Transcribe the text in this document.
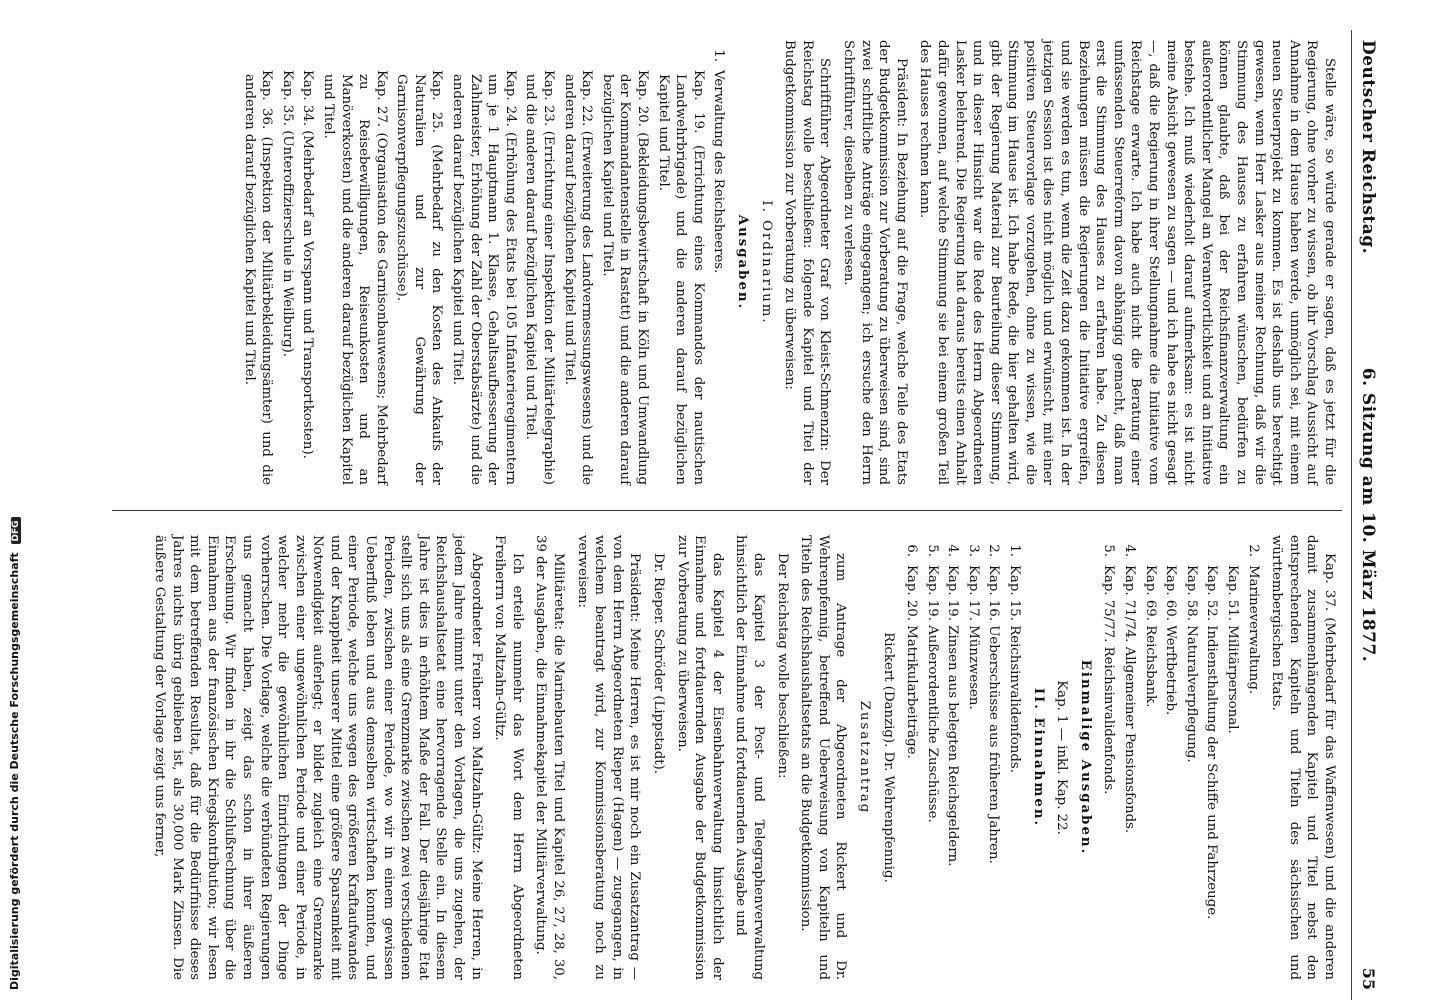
Deutscher Reichstag.
6. Sitzung am 10. März 1877.
55

Stelle wäre, so würde gerade er sagen, daß es jetzt für die Regierung, ohne vorher zu wissen, ob ihr Vorschlag Aussicht auf Annahme in dem Hause haben werde, unmöglich sei, mit einem neuen Steuerprojekt zu kommen. Es ist deshalb uns berechtigt gewesen, wenn Herr Lasker aus meiner Rechnung, daß wir die Stimmung des Hauses zu erfahren wünschen, bedürfen zu können glaubte, daß bei der Reichsfinanzverwaltung ein außerordentlicher Mangel an Verantwortlichkeit und an Initiative bestehe. Ich muß wiederholt darauf aufmerksam: es ist nicht meine Absicht gewesen zu sagen — und ich habe es nicht gesagt —, daß die Regierung in ihrer Stellungnahme die Initiative vom Reichstage erwarte. Ich habe auch nicht die Beratung einer umfassenden Steuerreform davon abhängig gemacht, daß man erst die Stimmung des Hauses zu erfahren habe. Zu diesen Beziehungen müssen die Regierungen die Initiative ergreifen, und sie werden es tun, wenn die Zeit dazu gekommen ist. In der jetzigen Session ist dies nicht möglich und erwünscht, mit einer positiven Steuervorlage vorzugehen, ohne zu wissen, wie die Stimmung im Hause ist. Ich habe Rede, die hier gehalten wird, gibt der Regierung Material zur Beurteilung dieser Stimmung, und in dieser Hinsicht war die Rede des Herrn Abgeordneten Lasker belehrend. Die Regierung hat daraus bereits einen Anhalt dafür gewonnen, auf welche Stimmung sie bei einem großen Teil des Hauses rechnen kann.

Präsident: In Beziehung auf die Frage, welche Teile des Etats der Budgetkommission zur Vorberatung zu überweisen sind, sind zwei schriftliche Anträge eingegangen; ich ersuche den Herrn Schriftführer, dieselben zu verlesen.

Schriftführer Abgeordneter Graf von Kleist-Schmenzin: Der Reichstag wolle beschließen: folgende Kapitel und Titel der Budgetkommission zur Vorberatung zu überweisen:

I. Ordinarium.

Ausgaben.

1.Verwaltung des Reichsheeres.
Kap. 19. (Errichtung eines Kommandos der nautischen Landwehrbrigade) und die anderen darauf bezüglichen Kapitel und Titel.
Kap. 20. (Bekleidungsbewirtschaft in Köln und Umwandlung der Kommandantenstelle in Rastatt) und die anderen darauf bezüglichen Kapitel und Titel.
Kap. 22. (Erweiterung des Landvermessungswesens) und die anderen darauf bezüglichen Kapitel und Titel.
Kap. 23. (Errichtung einer Inspektion der Militärtelegraphie) und die anderen darauf bezüglichen Kapitel und Titel.
Kap. 24. (Erhöhung des Etats bei 105 Infanterieregimentern um je 1 Hauptmann 1. Klasse, Gehaltsaufbesserung der Zahlmeister, Erhöhung der Zahl der Oberstabsärzte) und die anderen darauf bezüglichen Kapitel und Titel.
Kap. 25. (Mehrbedarf zu den Kosten des Ankaufs der Naturalien und zur Gewährung der Garnisonverpflegungszuschüsse).
Kap. 27. (Organisation des Garnisonbauwesens; Mehrbedarf zu Reisebewilligungen, Reiseunkosten und an Manöverkosten) und die anderen darauf bezüglichen Kapitel und Titel.
Kap. 34. (Mehrbedarf an Vorspann und Transportkosten).
Kap. 35. (Unteroffizierschule in Weilburg).
Kap. 36. (Inspektion der Militärbekleidungsämter) und die anderen darauf bezüglichen Kapitel und Titel.

Kap. 37. (Mehrbedarf für das Waffenwesen) und die anderen damit zusammenhängenden Kapitel und Titel nebst den entsprechenden Kapiteln und Titeln des sächsischen und württembergischen Etats.

2.Marineverwaltung.
Kap. 51. Militärpersonal.
Kap. 52. Indiensthaltung der Schiffe und Fahrzeuge.
Kap. 58. Naturalverpflegung.
Kap. 60. Werftbetrieb.
Kap. 69. Reichsbank.
4.Kap. 71/74. Allgemeiner Pensionsfonds.
5.Kap. 75/77. Reichsinvalidenfonds.

Einmalige Ausgaben.

Kap. 1 — inkl. Kap. 22.

II. Einnahmen.

1.Kap. 15. Reichsinvalidenfonds.
2.Kap. 16. Ueberschüsse aus früheren Jahren.
3.Kap. 17. Münzwesen.
4.Kap. 19. Zinsen aus belegten Reichsgeldern.
5.Kap. 19. Außerordentliche Zuschüsse.
6.Kap. 20. Matrikularbeiträge.

Rickert (Danzig). Dr. Wehrenpfennig.

Zusatzantrag

zum Antrage der Abgeordneten Rickert und Dr. Wehrenpfennig, betreffend Ueberweisung von Kapiteln und Titeln des Reichshaushaltsetats an die Budgetkommission.

Der Reichstag wolle beschließen:

das Kapitel 3 der Post- und Telegraphenverwaltung hinsichtlich der Einnahme und fortdauernden Ausgabe und

das Kapitel 4 der Eisenbahnverwaltung hinsichtlich der Einnahme und fortdauernden Ausgabe der Budgetkommission zur Vorberatung zu überweisen.

Dr. Rieper. Schröder (Lippstadt).

Präsident: Meine Herren, es ist mir noch ein Zusatzantrag — von dem Herrn Abgeordneten Rieper (Hagen) — zugegangen, in welchem beantragt wird, zur Kommissionsberatung noch zu verweisen:

Militäretat: die Marinebauten Titel und Kapitel 26, 27, 28, 30, 39 der Ausgaben, die Einnahmekapitel der Militärverwaltung.

Ich erteile nunmehr das Wort dem Herrn Abgeordneten Freiherrn von Maltzahn-Gültz.

Abgeordneter Freiherr von Maltzahn-Gültz: Meine Herren, in jedem Jahre nimmt unter den Vorlagen, die uns zugehen, der Reichshaushaltsetat eine hervorragende Stelle ein. In diesem Jahre ist dies in erhöhtem Maße der Fall. Der diesjährige Etat stellt sich uns als eine Grenzmarke zwischen zwei verschiedenen Perioden, zwischen einer Periode, wo wir in einem gewissen Ueberfluß leben und aus demselben wirtschaften konnten, und einer Periode, welche uns wegen des größeren Kraftaufwandes und der Knappheit unserer Mittel eine größere Sparsamkeit mit Notwendigkeit auferlegt; er bildet zugleich eine Grenzmarke zwischen einer ungewöhnlichen Periode und einer Periode, in welcher mehr die gewöhnlichen Einrichtungen der Dinge vorherrschen. Die Vorlage, welche die verbündeten Regierungen uns gemacht haben, zeigt das schon in ihrer äußeren Erscheinung. Wir finden in ihr die Schlußrechnung über die Einnahmen aus der französischen Kriegskontribution; wir lesen mit dem betreffenden Resultat, daß für die Bedürfnisse dieses Jahres nichts übrig geblieben ist, als 30,000 Mark Zinsen. Die äußere Gestaltung der Vorlage zeigt uns ferner,

Digitalisierung gefördert durch die Deutsche Forschungsgemeinschaft DFG
